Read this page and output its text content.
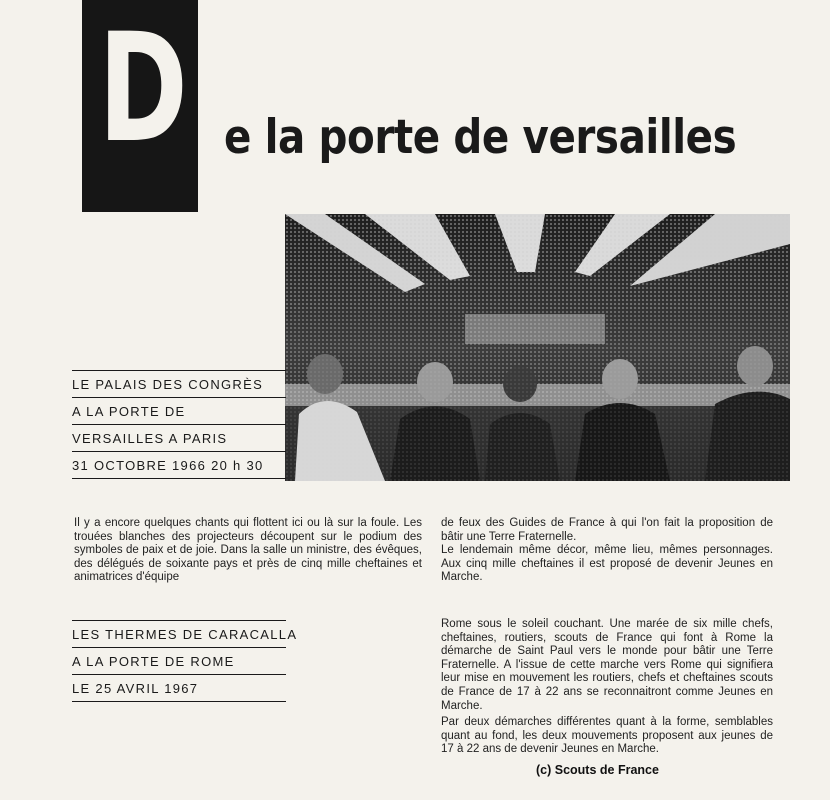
D e la porte de versailles
LE PALAIS DES CONGRÈS
A LA PORTE DE
VERSAILLES A PARIS
31 OCTOBRE 1966 20 h 30

Il y a encore quelques chants qui flottent ici ou là sur la foule. Les trouées blanches des projecteurs découpent sur le podium des symboles de paix et de joie. Dans la salle un ministre, des évêques, des délégués de soixante pays et près de cinq mille cheftaines et animatrices d'équipe

de feux des Guides de France à qui l'on fait la proposition de bâtir une Terre Fraternelle.

Le lendemain même décor, même lieu, mêmes personnages. Aux cinq mille cheftaines il est proposé de devenir Jeunes en Marche.

LES THERMES DE CARACALLA
A LA PORTE DE ROME
LE 25 AVRIL 1967

Rome sous le soleil couchant. Une marée de six mille chefs, cheftaines, routiers, scouts de France qui font à Rome la démarche de Saint Paul vers le monde pour bâtir une Terre Fraternelle. A l'issue de cette marche vers Rome qui signifiera leur mise en mouvement les routiers, chefs et cheftaines scouts de France de 17 à 22 ans se reconnaitront comme Jeunes en Marche.

Par deux démarches différentes quant à la forme, semblables quant au fond, les deux mouvements proposent aux jeunes de 17 à 22 ans de devenir Jeunes en Marche.

(c) Scouts de France
